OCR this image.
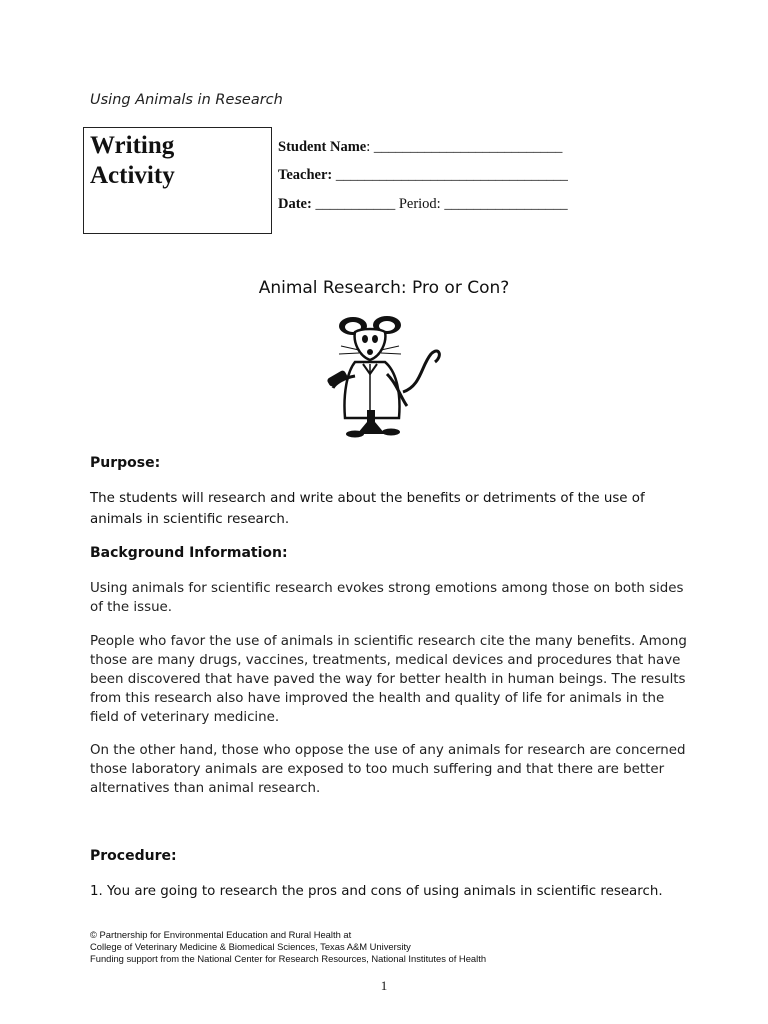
Using Animals in Research
Writing
Activity
Student Name: __________________________
Teacher: ________________________________
Date: ___________ Period: _________________
Animal Research: Pro or Con?
Purpose:
The students will research and write about the benefits or detriments of the use of animals in scientific research.
Background Information:
Using animals for scientific research evokes strong emotions among those on both sides of the issue.
People who favor the use of animals in scientific research cite the many benefits. Among those are many drugs, vaccines, treatments, medical devices and procedures that have been discovered that have paved the way for better health in human beings. The results from this research also have improved the health and quality of life for animals in the field of veterinary medicine.
On the other hand, those who oppose the use of any animals for research are concerned those laboratory animals are exposed to too much suffering and that there are better alternatives than animal research.
Procedure:
1. You are going to research the pros and cons of using animals in scientific research.
© Partnership for Environmental Education and Rural Health at
College of Veterinary Medicine & Biomedical Sciences, Texas A&M University
Funding support from the National Center for Research Resources, National Institutes of Health
1
